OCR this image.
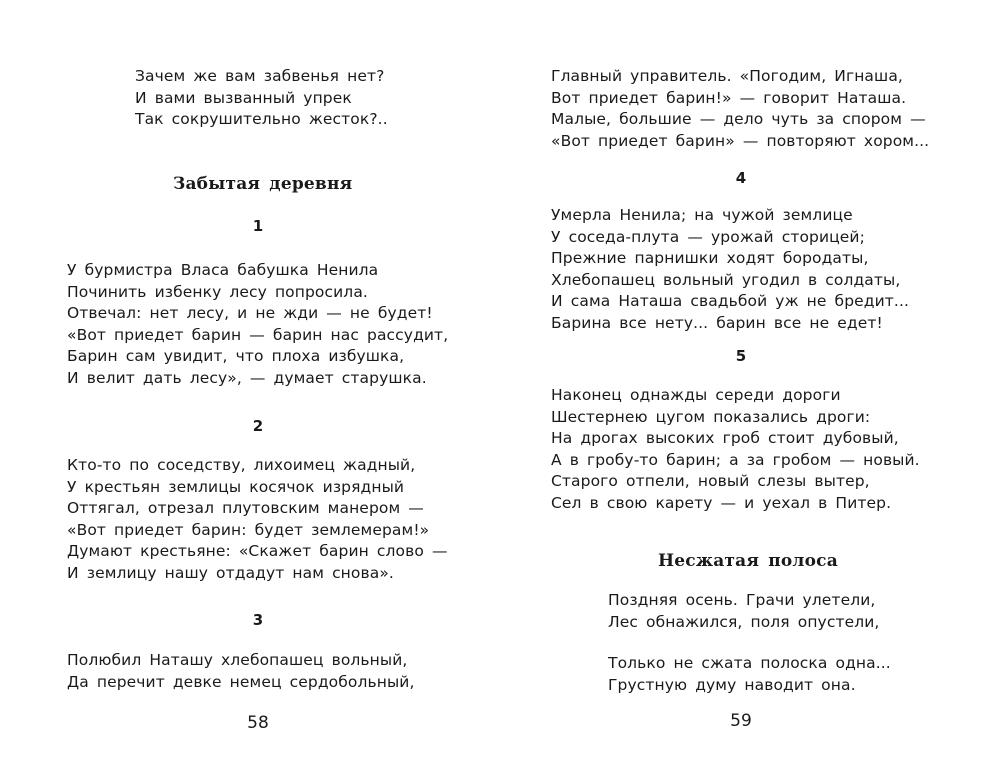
Зачем же вам забвенья нет?
И вами вызванный упрек
Так сокрушительно жесток?..
Забытая деревня
1
У бурмистра Власа бабушка Ненила
Починить избенку лесу попросила.
Отвечал: нет лесу, и не жди — не будет!
«Вот приедет барин — барин нас рассудит,
Барин сам увидит, что плоха избушка,
И велит дать лесу», — думает старушка.
2
Кто-то по соседству, лихоимец жадный,
У крестьян землицы косячок изрядный
Оттягал, отрезал плутовским манером —
«Вот приедет барин: будет землемерам!»
Думают крестьяне: «Скажет барин слово —
И землицу нашу отдадут нам снова».
3
Полюбил Наташу хлебопашец вольный,
Да перечит девке немец сердобольный,
58
Главный управитель. «Погодим, Игнаша,
Вот приедет барин!» — говорит Наташа.
Малые, большие — дело чуть за спором —
«Вот приедет барин» — повторяют хором...
4
Умерла Ненила; на чужой землице
У соседа-плута — урожай сторицей;
Прежние парнишки ходят бородаты,
Хлебопашец вольный угодил в солдаты,
И сама Наташа свадьбой уж не бредит...
Барина все нету... барин все не едет!
5
Наконец однажды середи дороги
Шестернею цугом показались дроги:
На дрогах высоких гроб стоит дубовый,
А в гробу-то барин; а за гробом — новый.
Старого отпели, новый слезы вытер,
Сел в свою карету — и уехал в Питер.
Несжатая полоса
Поздняя осень. Грачи улетели,
Лес обнажился, поля опустели,
Только не сжата полоска одна...
Грустную думу наводит она.
59
